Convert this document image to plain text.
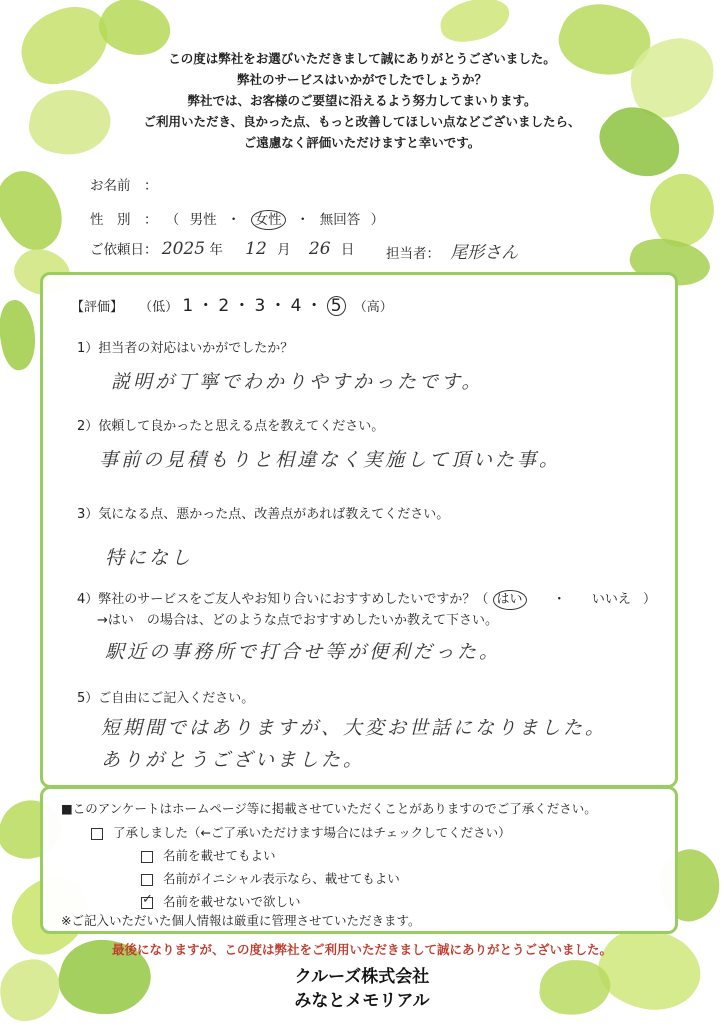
この度は弊社をお選びいただきまして誠にありがとうございました。
弊社のサービスはいかがでしたでしょうか？
弊社では、お客様のご要望に沿えるよう努力してまいります。
ご利用いただき、良かった点、もっと改善してほしい点などございましたら、
ご遠慮なく評価いただけますと幸いです。
お名前　：
性　別　： （ 男性 ・ 女性 ・ 無回答 ）
ご依頼日： 2025 年 12 月 26 日 担当者： 尾形さん
【評価】 （低） 1 ・ 2 ・ 3 ・ 4 ・ 5 （高）
1）担当者の対応はいかがでしたか？
説明が丁寧でわかりやすかったです。
2）依頼して良かったと思える点を教えてください。
事前の見積もりと相違なく実施して頂いた事。
3）気になる点、悪かった点、改善点があれば教えてください。
特になし
4）弊社のサービスをご友人やお知り合いにおすすめしたいですか？（ はい ・ いいえ ）
→はい　の場合は、どのような点でおすすめしたいか教えて下さい。
駅近の事務所で打合せ等が便利だった。
5）ご自由にご記入ください。
短期間ではありますが、大変お世話になりました。
ありがとうございました。
■このアンケートはホームページ等に掲載させていただくことがありますのでご了承ください。
了承しました（←ご了承いただけます場合にはチェックしてください）
名前を載せてもよい
名前がイニシャル表示なら、載せてもよい
✓名前を載せないで欲しい
※ご記入いただいた個人情報は厳重に管理させていただきます。
最後になりますが、この度は弊社をご利用いただきまして誠にありがとうございました。
クルーズ株式会社
みなとメモリアル
